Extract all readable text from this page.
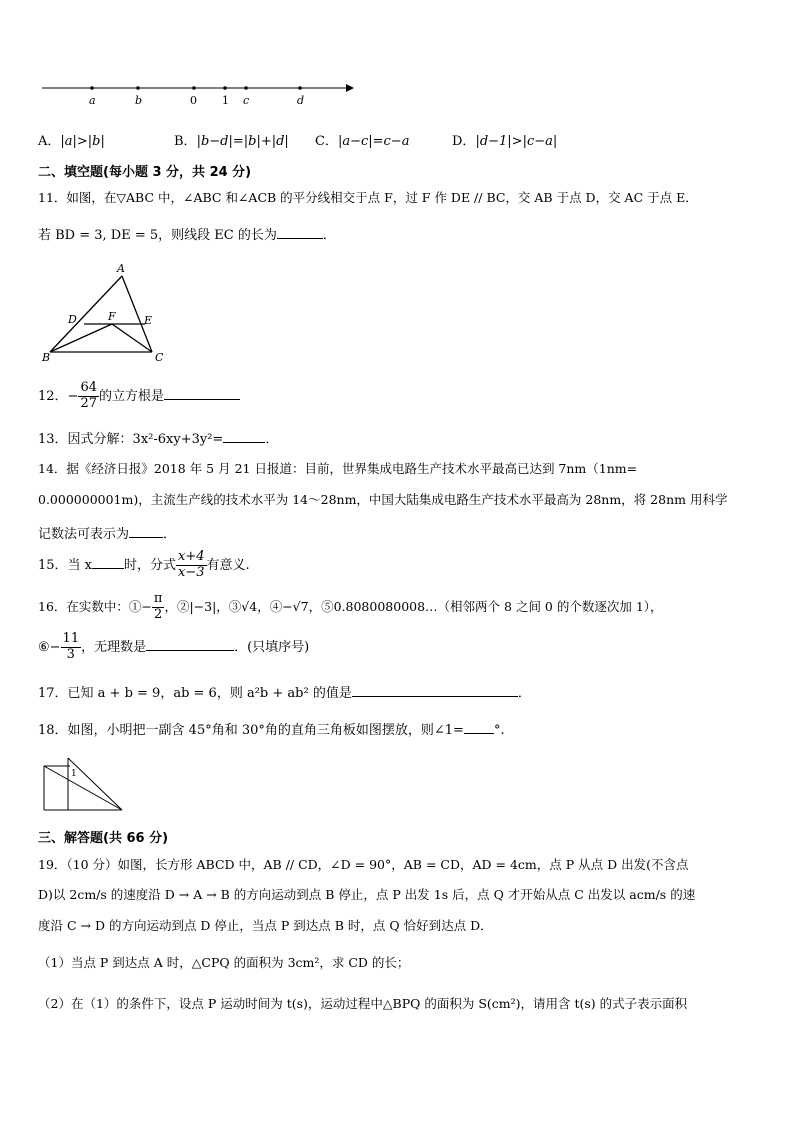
a	b	0 1 c	d
A．|a|>|b|	B．|b−d|=|b|+|d| C．|a−c|=c−a	D．|d−1|>|c−a|
二、填空题(每小题 3 分，共 24 分)
11．如图，在▽ABC 中，∠ABC 和∠ACB 的平分线相交于点 F，过 F 作 DE // BC，交 AB 于点 D，交 AC 于点 E．
若 BD = 3, DE = 5，则线段 EC 的长为	．
A
D	F	E
B	C
12．− $\frac{64}{27}$ 的立方根是
13．因式分解：3x²-6xy+3y²=	．
14．据《经济日报》2018 年 5 月 21 日报道：目前，世界集成电路生产技术水平最高已达到 7nm（1nm=
0.000000001m)，主流生产线的技术水平为 14～28nm，中国大陆集成电路生产技术水平最高为 28nm，将 28nm 用科学
记数法可表示为	．
15．当 x 时，分式 $\frac{x+4}{x-3}$ 有意义.
16．在实数中：①− $\frac{\pi}{2}$ ，②|−3|，③√4，④−√7，⑤0.8080080008…（相邻两个 8 之间 0 的个数逐次加 1），
⑥− $\frac{11}{3}$ ，无理数是	．(只填序号)
17．已知 a + b = 9，ab = 6，则 a²b + ab² 的值是	．
18．如图，小明把一副含 45°角和 30°角的直角三角板如图摆放，则∠1= °.
1
三、解答题(共 66 分)
19．（10 分）如图，长方形 ABCD 中，AB // CD，∠D = 90°，AB = CD，AD = 4cm，点 P 从点 D 出发(不含点
D)以 2cm/s 的速度沿 D → A → B 的方向运动到点 B 停止，点 P 出发 1s 后，点 Q 才开始从点 C 出发以 acm/s 的速
度沿 C → D 的方向运动到点 D 停止，当点 P 到达点 B 时，点 Q 恰好到达点 D．
（1）当点 P 到达点 A 时，△CPQ 的面积为 3cm²，求 CD 的长；
（2）在（1）的条件下，设点 P 运动时间为 t(s)，运动过程中△BPQ 的面积为 S(cm²)，请用含 t(s) 的式子表示面积
